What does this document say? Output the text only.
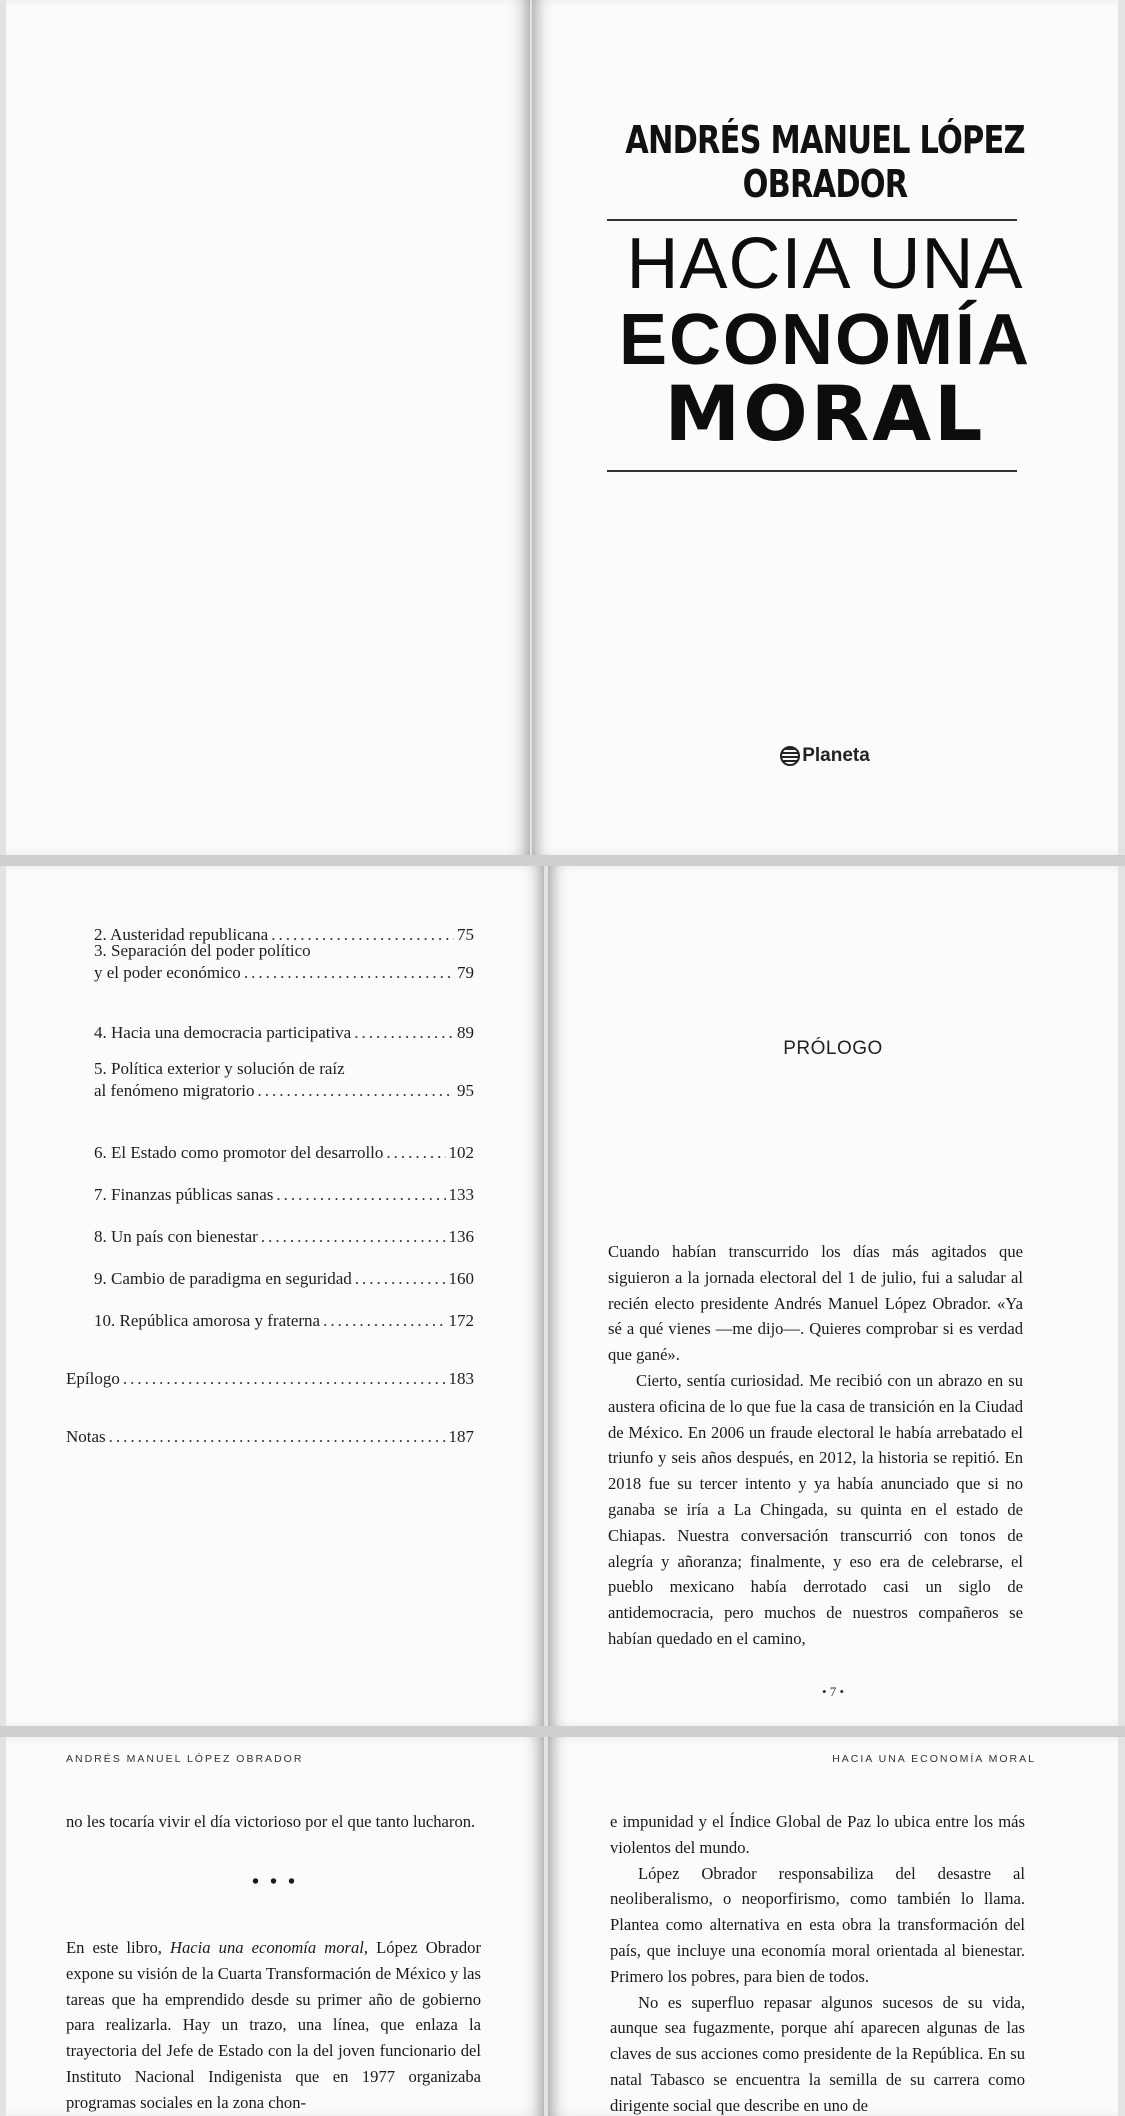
ANDRÉS MANUEL LÓPEZ OBRADOR
HACIA UNA
ECONOMÍA
MORAL
Planeta
2. Austeridad republicana .....	75
3. Separación del poder político
y el poder económico .....	79
4. Hacia una democracia participativa .....	89
5. Política exterior y solución de raíz
al fenómeno migratorio .....	95
6. El Estado como promotor del desarrollo .....	102
7. Finanzas públicas sanas .....	133
8. Un país con bienestar .....	136
9. Cambio de paradigma en seguridad .....	160
10. República amorosa y fraterna .....	172
Epílogo .....	183
Notas .....	187
PRÓLOGO

Cuando habían transcurrido los días más agitados que siguieron a la jornada electoral del 1 de julio, fui a saludar al recién electo presidente Andrés Manuel López Obrador. «Ya sé a qué vienes —me dijo—. Quieres comprobar si es verdad que gané».

Cierto, sentía curiosidad. Me recibió con un abrazo en su austera oficina de lo que fue la casa de transición en la Ciudad de México. En 2006 un fraude electoral le había arrebatado el triunfo y seis años después, en 2012, la historia se repitió. En 2018 fue su tercer intento y ya había anunciado que si no ganaba se iría a La Chingada, su quinta en el estado de Chiapas. Nuestra conversación transcurrió con tonos de alegría y añoranza; finalmente, y eso era de celebrarse, el pueblo mexicano había derrotado casi un siglo de antidemocracia, pero muchos de nuestros compañeros se habían quedado en el camino,

• 7 •
ANDRÉS MANUEL LÓPEZ OBRADOR

no les tocaría vivir el día victorioso por el que tanto lucharon.

• • •

En este libro, Hacia una economía moral, López Obrador expone su visión de la Cuarta Transformación de México y las tareas que ha emprendido desde su primer año de gobierno para realizarla. Hay un trazo, una línea, que enlaza la trayectoria del Jefe de Estado con la del joven funcionario del Instituto Nacional Indigenista que en 1977 organizaba programas sociales en la zona chon-

HACIA UNA ECONOMÍA MORAL

e impunidad y el Índice Global de Paz lo ubica entre los más violentos del mundo.

López Obrador responsabiliza del desastre al neoliberalismo, o neoporfirismo, como también lo llama. Plantea como alternativa en esta obra la transformación del país, que incluye una economía moral orientada al bienestar. Primero los pobres, para bien de todos.

No es superfluo repasar algunos sucesos de su vida, aunque sea fugazmente, porque ahí aparecen algunas de las claves de sus acciones como presidente de la República. En su natal Tabasco se encuentra la semilla de su carrera como dirigente social que describe en uno de
